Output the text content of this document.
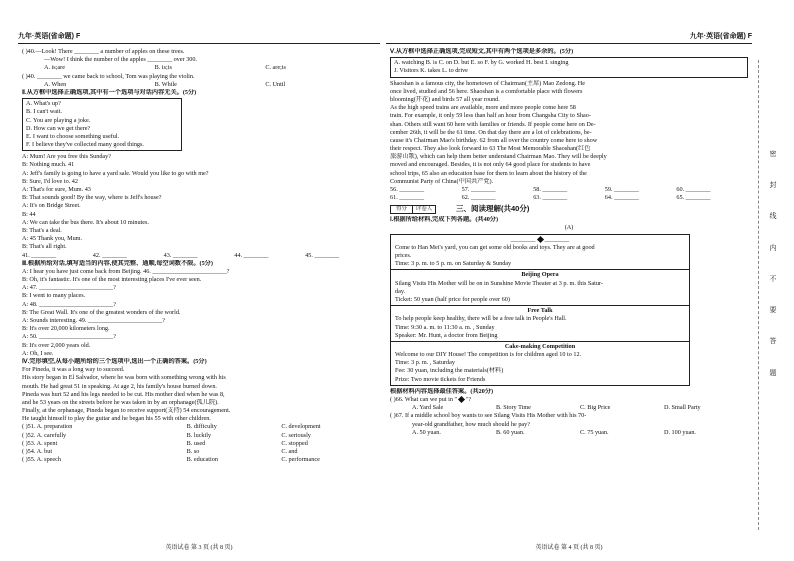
九年·英语(省命题) F
( )40.—Look! There ________ a number of apples on these trees.
—Wow! I think the number of the apples ________ over 300.
A. is;are	B. is;is	C. are;is
( )40. ________ we came back to school, Tom was playing the violin.
A. When	B. While	C. Until
Ⅱ.从方框中选择正确选项,其中有一个选项与对话内容无关。(5分)
A. What's up?
B. I can't wait.
C. You are playing a joke.
D. How can we get there?
E. I want to choose something useful.
F. I believe they've collected many good things.
A: Mum! Are you free this Sunday?
B: Nothing much. 41
A: Jeff's family is going to have a yard sale. Would you like to go with me?
B: Sure, I'd love to. 42
A: That's for sure, Mum. 43
B: That sounds good! By the way, where is Jeff's house?
A: It's on Bridge Street.
B: 44
A: We can take the bus there. It's about 10 minutes.
B: That's a deal.
A: 45 Thank you, Mum.
B: That's all right.
41. ________	42. ________	43. ________	44. ________	45. ________
Ⅲ.根据所给对话,填写适当的内容,使其完整、通顺,每空词数不限。(5分)
A: I hear you have just come back from Beijing. 46. ________________________?
B: Oh, it's fantastic. It's one of the most interesting places I've ever seen.
A: 47. ________________________?
B: I went to many places.
A: 48. ________________________?
B: The Great Wall. It's one of the greatest wonders of the world.
A: Sounds interesting. 49. ________________________?
B: It's over 20,000 kilometers long.
A: 50. ________________________?
B: It's over 2,000 years old.
A: Oh, I see.
Ⅳ.完形填空,从每小题所给的三个选项中,选出一个正确的答案。(5分)
For Pineda, it was a long way to succeed.
His story began in El Salvador, where he was born with something wrong with his
mouth. He had great 51 in speaking. At age 2, his family's house burned down.
Pineda was hurt 52 and his legs needed to be cut. His mother died when he was 8,
and he 53 years on the streets before he was taken in by an orphanage(孤儿院).
Finally, at the orphanage, Pineda began to receive support(支持) 54 encouragement.
He taught himself to play the guitar and he began his 55 with other children.
( )51. A. preparation	B. difficulty	C. development
( )52. A. carefully	B. luckily	C. seriously
( )53. A. spent	B. used	C. stopped
( )54. A. but	B. so	C. and
( )55. A. speech	B. education	C. performance
英语试卷 第 3 页 (共 8 页)
九年·英语(省命题) F
Ⅴ.从方框中选择正确选项,完成短文,其中有两个选项是多余的。(5分)
A. watching B. is C. on D. but E. so F. by G. worked H. best I. singing
J. Visitors K. takes L. to drive
Shaoshan is a famous city, the hometown of Chairman(主席) Mao Zedong. He
once lived, studied and 56 here. Shaoshan is a comfortable place with flowers
blooming(开花) and birds 57 all year round.
As the high speed trains are available, more and more people come here 58
train. For example, it only 59 less than half an hour from Changsha City to Shao-
shan. Others still want 60 here with families or friends. If people come here on De-
cember 26th, it will be the 61 time. On that day there are a lot of celebrations, be-
cause it's Chairman Mao's birthday. 62 from all over the country come here to show
their respect. They also look forward to 63 The Most Memorable Shaoshan(红色
旅游山歌), which can help them better understand Chairman Mao. They will be deeply
moved and encouraged. Besides, it is not only 64 good place for students to have
school trips, 65 also an education base for them to learn about the history of the
Communist Party of China(中国共产党).
56. ________	57. ________	58. ________	59. ________	60. ________
61. ________	62. ________	63. ________	64. ________	65. ________
得分	评卷人	三、阅读理解(共40分)
Ⅰ.根据所给材料,完成下列各题。(共40分)
(A)
________ ________
Come to Han Mei's yard, you can get some old books and toys. They are at good
prices.
Time: 3 p. m. to 5 p. m. on Saturday & Sunday
Beijing Opera
Silang Visits His Mother will be on in Sunshine Movie Theater at 3 p. m. this Satur-
day.
Ticket: 50 yuan (half price for people over 60)
Free Talk
To help people keep healthy, there will be a free talk in People's Hall.
Time: 9:30 a. m. to 11:30 a. m. , Sunday
Speaker: Mr. Hunt, a doctor from Beijing
Cake-making Competition
Welcome to our DIY House! The competition is for children aged 10 to 12.
Time: 3 p. m. , Saturday
Fee: 30 yuan, including the materials(材料)
Prize: Two movie tickets for Friends
根据材料内容选择最佳答案。(共20分)
( )66. What can we put in " "?
A. Yard Sale	B. Story Time	C. Big Price	D. Small Party
( )67. If a middle school boy wants to see Silang Visits His Mother with his 70-
year-old grandfather, how much should he pay?
A. 50 yuan.	B. 60 yuan.	C. 75 yuan.	D. 100 yuan.
英语试卷 第 4 页 (共 8 页)
密
封
线
内
不
要
答
题
